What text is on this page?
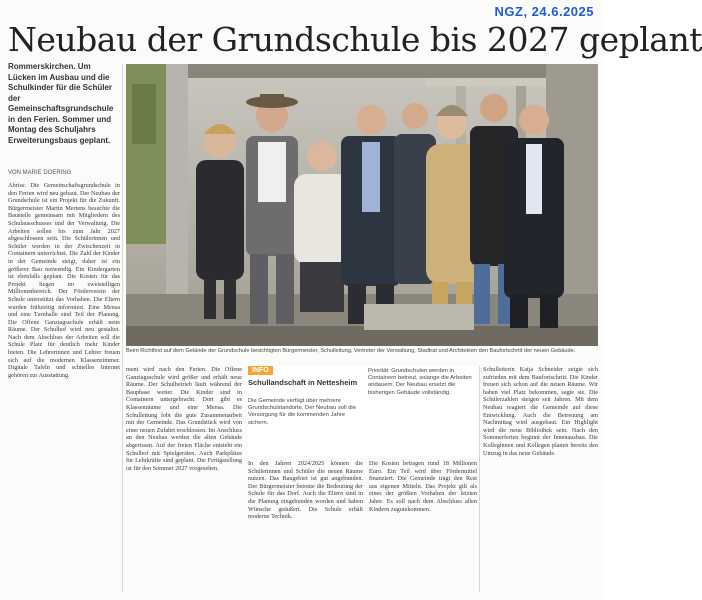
NGZ, 24.6.2025
Neubau der Grundschule bis 2027 geplant
Rommerskirchen. Um Lücken im Ausbau und die Schulkinder für die Schüler der Gemeinschaftsgrundschule in den Ferien. Sommer und Montag des Schuljahrs Erweiterungsbaus geplant.
VON MARIE DOERING
Abriss: Die Gemeinschaftsgrundschule in den Ferien wird neu gebaut. Der Neubau der Grundschule ist ein Projekt für die Zukunft. Bürgermeister Martin Mertens besuchte die Baustelle gemeinsam mit Mitgliedern des Schulausschusses und der Verwaltung. Die Arbeiten sollen bis zum Jahr 2027 abgeschlossen sein. Die Schülerinnen und Schüler werden in der Zwischenzeit in Containern unterrichtet. Die Zahl der Kinder in der Gemeinde steigt, daher ist ein größerer Bau notwendig. Ein Kindergarten ist ebenfalls geplant. Die Kosten für das Projekt liegen im zweistelligen Millionenbereich. Der Förderverein der Schule unterstützt das Vorhaben. Die Eltern wurden frühzeitig informiert. Eine Mensa und eine Turnhalle sind Teil der Planung. Die Offene Ganztagsschule erhält neue Räume. Der Schulhof wird neu gestaltet. Nach dem Abschluss der Arbeiten soll die Schule Platz für deutlich mehr Kinder bieten. Die Lehrerinnen und Lehrer freuen sich auf die modernen Klassenzimmer. Digitale Tafeln und schnelles Internet gehören zur Ausstattung.
Beim Richtfest auf dem Gelände der Grundschule besichtigten Bürgermeister, Schulleitung, Vertreter der Verwaltung, Stadtrat und Architekten den Baufortschritt der neuen Gebäude.
ment wird nach den Ferien. Die Offene Ganztagsschule wird größer und erhält neue Räume. Der Schulbetrieb läuft während der Bauphase weiter. Die Kinder sind in Containern untergebracht. Dort gibt es Klassenräume und eine Mensa. Die Schulleitung lobt die gute Zusammenarbeit mit der Gemeinde. Das Grundstück wird von einer neuen Zufahrt erschlossen. Im Anschluss an den Neubau werden die alten Gebäude abgerissen. Auf der freien Fläche entsteht ein Schulhof mit Spielgeräten. Auch Parkplätze für Lehrkräfte sind geplant. Die Fertigstellung ist für den Sommer 2027 vorgesehen.
INFO
Schullandschaft in Nettesheim
Die Gemeinde verfügt über mehrere Grundschulstandorte. Der Neubau soll die Versorgung für die kommenden Jahre sichern.
Priorität: Grundschulen werden in Containern betreut, solange die Arbeiten andauern. Der Neubau ersetzt die bisherigen Gebäude vollständig.
In den Jahren 2024/2025 können die Schülerinnen und Schüler die neuen Räume nutzen. Das Baugebiet ist gut angebunden. Der Bürgermeister betonte die Bedeutung der Schule für das Dorf. Auch die Eltern sind in die Planung eingebunden worden und haben Wünsche geäußert. Die Schule erhält moderne Technik.
Die Kosten betragen rund 18 Millionen Euro. Ein Teil wird über Fördermittel finanziert. Die Gemeinde trägt den Rest aus eigenen Mitteln. Das Projekt gilt als eines der größten Vorhaben der letzten Jahre. Es soll nach dem Abschluss allen Kindern zugutekommen.
Schulleiterin Katja Schneider zeigte sich zufrieden mit dem Baufortschritt. Die Kinder freuen sich schon auf die neuen Räume. Wir haben viel Platz bekommen, sagte sie. Die Schülerzahlen steigen seit Jahren. Mit dem Neubau reagiert die Gemeinde auf diese Entwicklung. Auch die Betreuung am Nachmittag wird ausgebaut. Ein Highlight wird die neue Bibliothek sein. Nach den Sommerferien beginnt der Innenausbau. Die Kolleginnen und Kollegen planen bereits den Umzug in das neue Gebäude.
